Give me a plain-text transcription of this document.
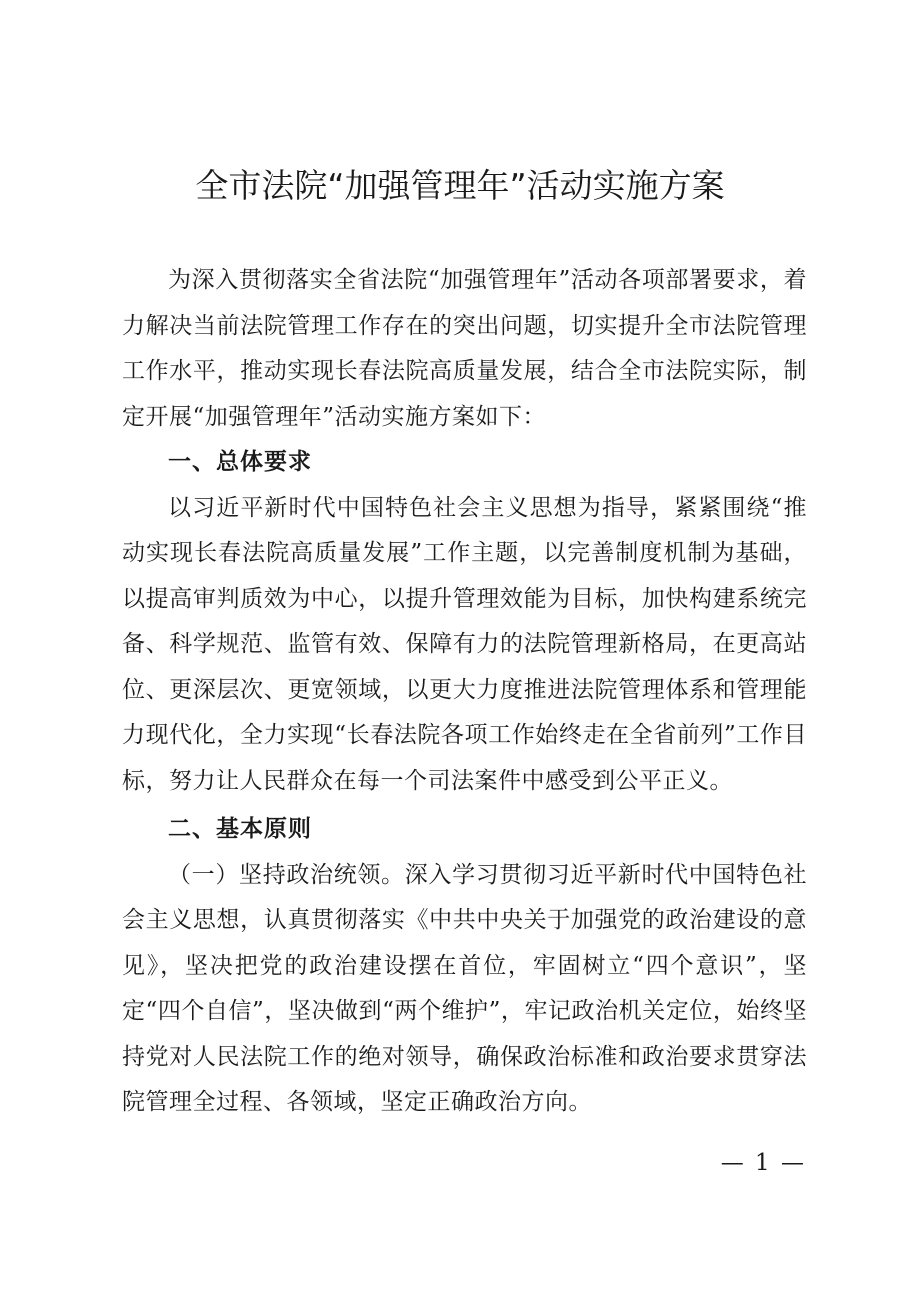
全市法院“加强管理年”活动实施方案

为深入贯彻落实全省法院“加强管理年”活动各项部署要求，着力解决当前法院管理工作存在的突出问题，切实提升全市法院管理工作水平，推动实现长春法院高质量发展，结合全市法院实际，制定开展“加强管理年”活动实施方案如下：

一、总体要求

以习近平新时代中国特色社会主义思想为指导，紧紧围绕“推动实现长春法院高质量发展”工作主题，以完善制度机制为基础，以提高审判质效为中心，以提升管理效能为目标，加快构建系统完备、科学规范、监管有效、保障有力的法院管理新格局，在更高站位、更深层次、更宽领域，以更大力度推进法院管理体系和管理能力现代化，全力实现“长春法院各项工作始终走在全省前列”工作目标，努力让人民群众在每一个司法案件中感受到公平正义。

二、基本原则

（一）坚持政治统领。深入学习贯彻习近平新时代中国特色社会主义思想，认真贯彻落实《中共中央关于加强党的政治建设的意见》，坚决把党的政治建设摆在首位，牢固树立“四个意识”，坚定“四个自信”，坚决做到“两个维护”，牢记政治机关定位，始终坚持党对人民法院工作的绝对领导，确保政治标准和政治要求贯穿法院管理全过程、各领域，坚定正确政治方向。

— 1 —
